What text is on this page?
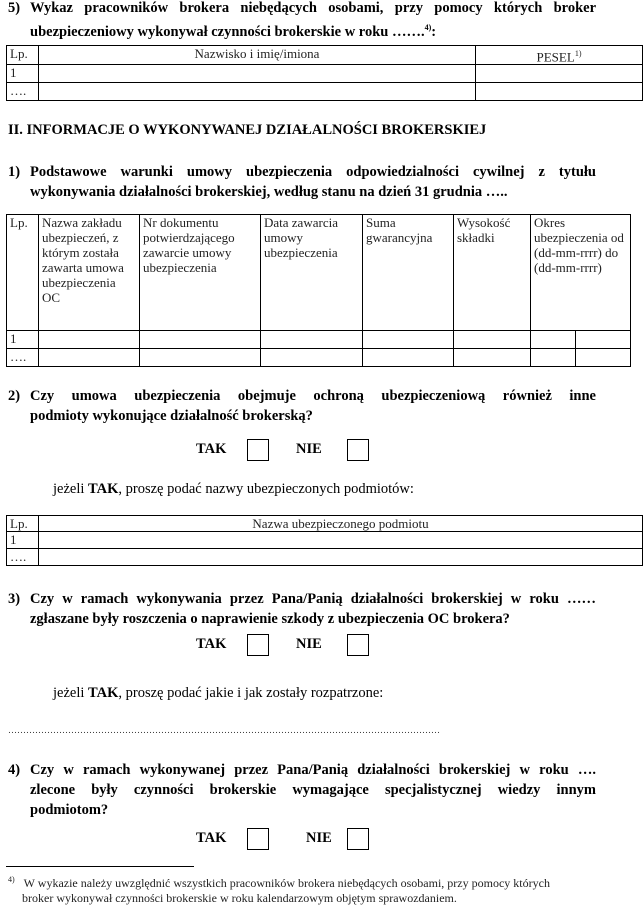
5) Wykaz pracowników brokera niebędących osobami, przy pomocy których broker
ubezpieczeniowy wykonywał czynności brokerskie w roku …….$^{4)}$:
Lp.	Nazwisko i imię/imiona	PESEL$^{1)}$
1		
….		
II. INFORMACJE O WYKONYWANEJ DZIAŁALNOŚCI BROKERSKIEJ
1) Podstawowe warunki umowy ubezpieczenia odpowiedzialności cywilnej z tytułu
wykonywania działalności brokerskiej, według stanu na dzień 31 grudnia …..
Lp.	Nazwa zakładu ubezpieczeń, z którym została zawarta umowa ubezpieczenia OC	Nr dokumentu potwierdzającego zawarcie umowy ubezpieczenia	Data zawarcia umowy ubezpieczenia	Suma gwarancyjna	Wysokość składki	Okres ubezpieczenia od (dd-mm-rrrr) do (dd-mm-rrrr)	
1							
….							
2) Czy umowa ubezpieczenia obejmuje ochroną ubezpieczeniową również inne
podmioty wykonujące działalność brokerską?
TAK	NIE
jeżeli TAK, proszę podać nazwy ubezpieczonych podmiotów:
Lp.	Nazwa ubezpieczonego podmiotu
1	
….	
3) Czy w ramach wykonywania przez Pana/Panią działalności brokerskiej w roku ……
zgłaszane były roszczenia o naprawienie szkody z ubezpieczenia OC brokera?
TAK	NIE
jeżeli TAK, proszę podać jakie i jak zostały rozpatrzone:
………………………………………………………………………………………………………………………………
4) Czy w ramach wykonywanej przez Pana/Panią działalności brokerskiej w roku ….
zlecone były czynności brokerskie wymagające specjalistycznej wiedzy innym
podmiotom?
TAK	NIE
$^{4)}$ W wykazie należy uwzględnić wszystkich pracowników brokera niebędących osobami, przy pomocy których
broker wykonywał czynności brokerskie w roku kalendarzowym objętym sprawozdaniem.
